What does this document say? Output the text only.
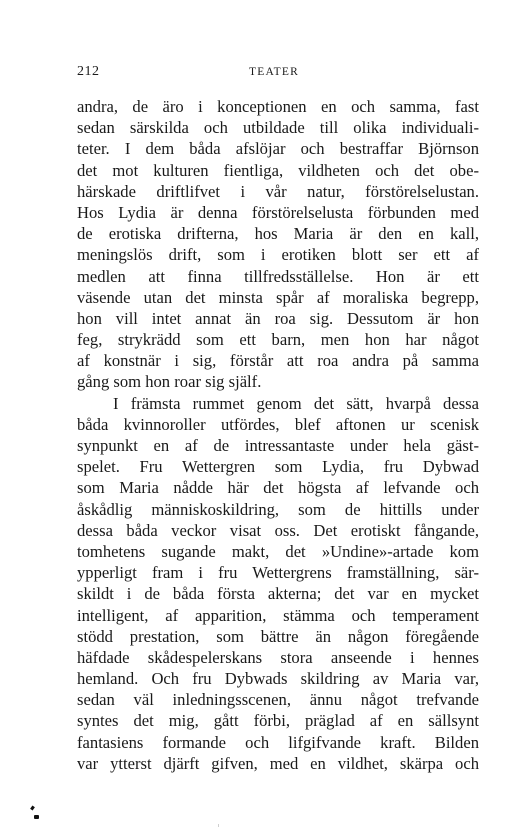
212	TEATER
andra, de äro i konceptionen en och samma, fast
sedan särskilda och utbildade till olika individuali-
teter. I dem båda afslöjar och bestraffar Björnson
det mot kulturen fientliga, vildheten och det obe-
härskade driftlifvet i vår natur, förstörelselustan.
Hos Lydia är denna förstörelselusta förbunden med
de erotiska drifterna, hos Maria är den en kall,
meningslös drift, som i erotiken blott ser ett af
medlen att finna tillfredsställelse. Hon är ett
väsende utan det minsta spår af moraliska begrepp,
hon vill intet annat än roa sig. Dessutom är hon
feg, strykrädd som ett barn, men hon har något
af konstnär i sig, förstår att roa andra på samma
gång som hon roar sig själf.
I främsta rummet genom det sätt, hvarpå dessa
båda kvinnoroller utfördes, blef aftonen ur scenisk
synpunkt en af de intressantaste under hela gäst-
spelet. Fru Wettergren som Lydia, fru Dybwad
som Maria nådde här det högsta af lefvande och
åskådlig människoskildring, som de hittills under
dessa båda veckor visat oss. Det erotiskt fångande,
tomhetens sugande makt, det »Undine»-artade kom
ypperligt fram i fru Wettergrens framställning, sär-
skildt i de båda första akterna; det var en mycket
intelligent, af apparition, stämma och temperament
stödd prestation, som bättre än någon föregående
häfdade skådespelerskans stora anseende i hennes
hemland. Och fru Dybwads skildring av Maria var,
sedan väl inledningsscenen, ännu något trefvande
syntes det mig, gått förbi, präglad af en sällsynt
fantasiens formande och lifgifvande kraft. Bilden
var ytterst djärft gifven, med en vildhet, skärpa och
